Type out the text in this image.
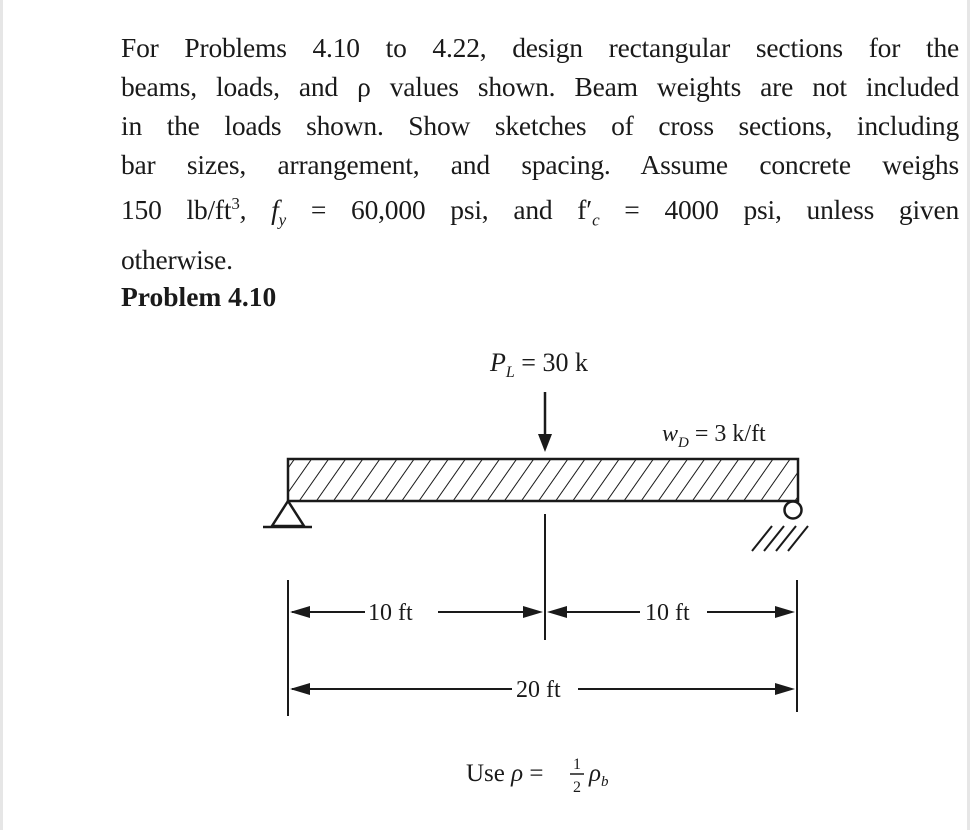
For Problems 4.10 to 4.22, design rectangular sections for the
beams, loads, and ρ values shown. Beam weights are not included
in the loads shown. Show sketches of cross sections, including
bar sizes, arrangement, and spacing. Assume concrete weighs
150 $lb/ft^3$, $f_y = 60,000$ psi, and $f'_c = 4000$ psi, unless given
otherwise.
Problem 4.10
$P_L = 30$ k
$w_D = 3$ k/ft
10 ft	10 ft
20 ft
Use ρ = 1
2
$\rho_b$
